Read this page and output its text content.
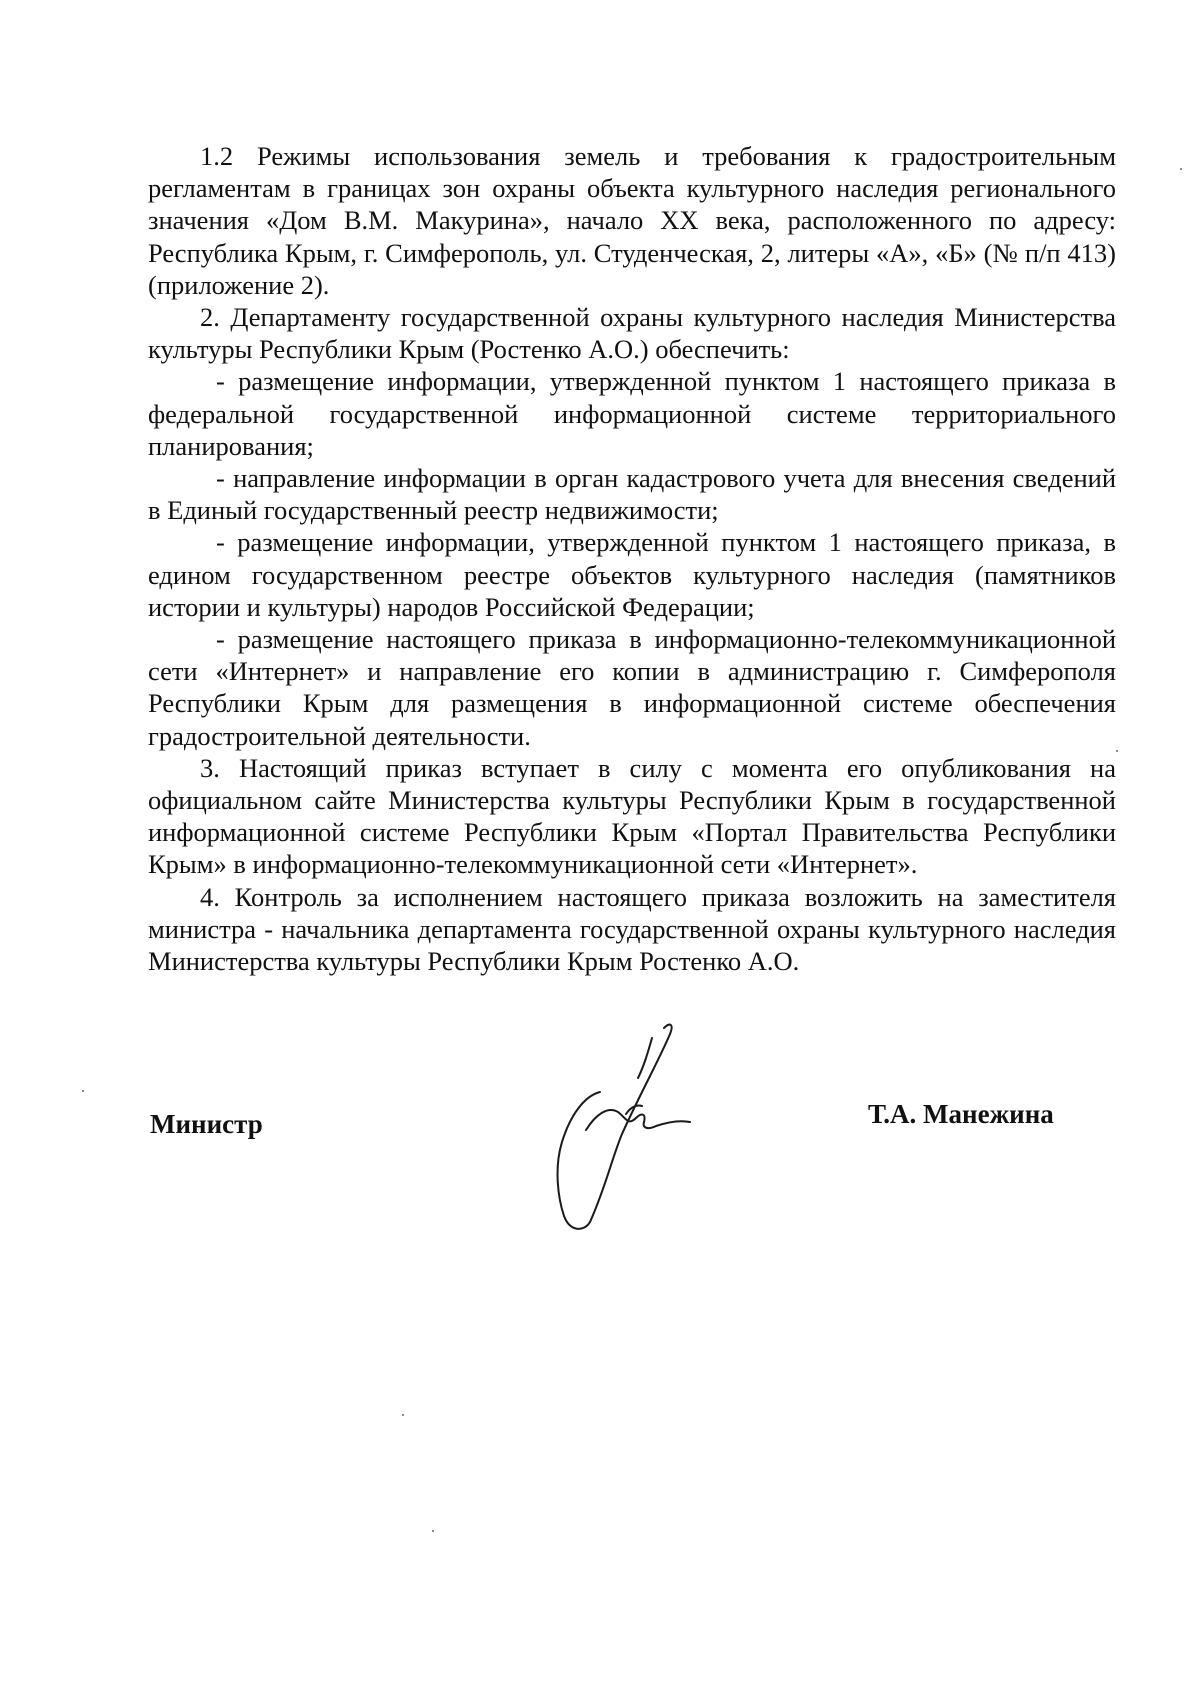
1.2 Режимы использования земель и требования к градостроительным регламентам в границах зон охраны объекта культурного наследия регионального значения «Дом В.М. Макурина», начало XX века, расположенного по адресу: Республика Крым, г. Симферополь, ул. Студенческая, 2, литеры «А», «Б» (№ п/п 413) (приложение 2).

2. Департаменту государственной охраны культурного наследия Министерства культуры Республики Крым (Ростенко А.О.) обеспечить:

- размещение информации, утвержденной пунктом 1 настоящего приказа в федеральной государственной информационной системе территориального планирования;

- направление информации в орган кадастрового учета для внесения сведений в Единый государственный реестр недвижимости;

- размещение информации, утвержденной пунктом 1 настоящего приказа, в едином государственном реестре объектов культурного наследия (памятников истории и культуры) народов Российской Федерации;

- размещение настоящего приказа в информационно-телекоммуникационной сети «Интернет» и направление его копии в администрацию г. Симферополя Республики Крым для размещения в информационной системе обеспечения градостроительной деятельности.

3. Настоящий приказ вступает в силу с момента его опубликования на официальном сайте Министерства культуры Республики Крым в государственной информационной системе Республики Крым «Портал Правительства Республики Крым» в информационно-телекоммуникационной сети «Интернет».

4. Контроль за исполнением настоящего приказа возложить на заместителя министра - начальника департамента государственной охраны культурного наследия Министерства культуры Республики Крым Ростенко А.О.

Министр	Т.А. Манежина
